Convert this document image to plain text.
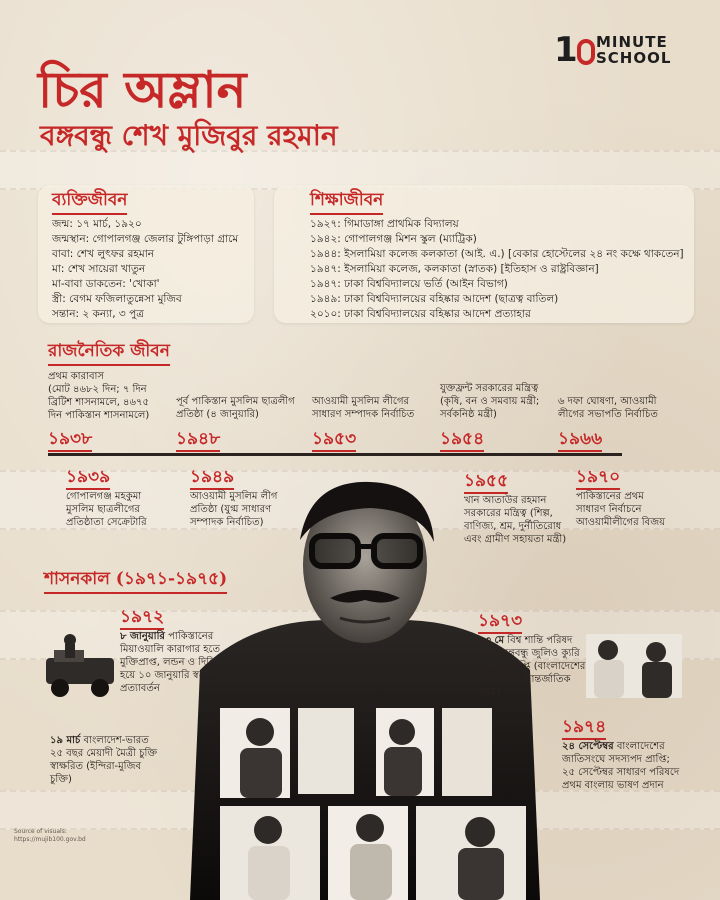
1	MINUTE
SCHOOL
চির অম্লান
বঙ্গবন্ধু শেখ মুজিবুর রহমান
ব্যক্তিজীবন
জন্ম: ১৭ মার্চ, ১৯২০
জন্মস্থান: গোপালগঞ্জ জেলার টুঙ্গিপাড়া গ্রামে
বাবা: শেখ লুৎফর রহমান
মা: শেখ সায়েরা খাতুন
মা-বাবা ডাকতেন: 'খোকা'
স্ত্রী: বেগম ফজিলাতুন্নেসা মুজিব
সন্তান: ২ কন্যা, ৩ পুত্র
শিক্ষাজীবন
১৯২৭: গিমাডাঙ্গা প্রাথমিক বিদ্যালয়
১৯৪২: গোপালগঞ্জ মিশন স্কুল (ম্যাট্রিক)
১৯৪৪: ইসলামিয়া কলেজ কলকাতা (আই. এ.) [বেকার হোস্টেলের ২৪ নং কক্ষে থাকতেন]
১৯৪৭: ইসলামিয়া কলেজ, কলকাতা (স্নাতক) [ইতিহাস ও রাষ্ট্রবিজ্ঞান]
১৯৪৭: ঢাকা বিশ্ববিদ্যালয়ে ভর্তি (আইন বিভাগ)
১৯৪৯: ঢাকা বিশ্ববিদ্যালয়ের বহিষ্কার আদেশ (ছাত্রত্ব বাতিল)
২০১০: ঢাকা বিশ্ববিদ্যালয়ের বহিষ্কার আদেশ প্রত্যাহার
রাজনৈতিক জীবন
প্রথম কারাবাস
(মোট ৪৬৮২ দিন; ৭ দিন
ব্রিটিশ শাসনামলে, ৪৬৭৫
দিন পাকিস্তান শাসনামলে)
১৯৩৮
পূর্ব পাকিস্তান মুসলিম ছাত্রলীগ
প্রতিষ্ঠা (৪ জানুয়ারি)
১৯৪৮
আওয়ামী মুসলিম লীগের
সাধারণ সম্পাদক নির্বাচিত
১৯৫৩
যুক্তফ্রন্ট সরকারের মন্ত্রিত্ব
(কৃষি, বন ও সমবায় মন্ত্রী;
সর্বকনিষ্ঠ মন্ত্রী)
১৯৫৪
৬ দফা ঘোষণা, আওয়ামী
লীগের সভাপতি নির্বাচিত
১৯৬৬
১৯৩৯
গোপালগঞ্জ মহকুমা
মুসলিম ছাত্রলীগের
প্রতিষ্ঠাতা সেক্রেটারি
১৯৪৯
আওয়ামী মুসলিম লীগ
প্রতিষ্ঠা (যুগ্ম সাধারণ
সম্পাদক নির্বাচিত)
১৯৫৫
খান আতাউর রহমান
সরকারের মন্ত্রিত্ব (শিল্প,
বাণিজ্য, শ্রম, দুর্নীতিরোধ
এবং গ্রামীণ সহায়তা মন্ত্রী)
১৯৭০
পাকিস্তানের প্রথম
সাধারণ নির্বাচনে
আওয়ামীলীগের বিজয়
শাসনকাল (১৯৭১-১৯৭৫)
১৯৭২
৮ জানুয়ারি পাকিস্তানের
মিয়াওয়ালি কারাগার হতে
মুক্তিপ্রাপ্ত, লন্ডন ও দিল্লি
হয়ে ১০ জানুয়ারি স্বদেশ
প্রত্যাবর্তন
১৯৭৩
২৩ মে বিশ্ব শান্তি পরিষদ
কর্তৃক বঙ্গবন্ধু জুলিও ক্যুরি
পুরস্কার প্রাপ্তি (বাংলাদেশের
পক্ষে প্রথম আন্তর্জাতিক
পদক)
১৯ মার্চ বাংলাদেশ-ভারত
২৫ বছর মেয়াদী মৈত্রী চুক্তি
স্বাক্ষরিত (ইন্দিরা-মুজিব
চুক্তি)
১৯৭৪
২৪ সেপ্টেম্বর বাংলাদেশের
জাতিসংঘে সদস্যপদ প্রাপ্তি;
২৫ সেপ্টেম্বর সাধারণ পরিষদে
প্রথম বাংলায় ভাষণ প্রদান
Source of visuals:
https://mujib100.gov.bd
